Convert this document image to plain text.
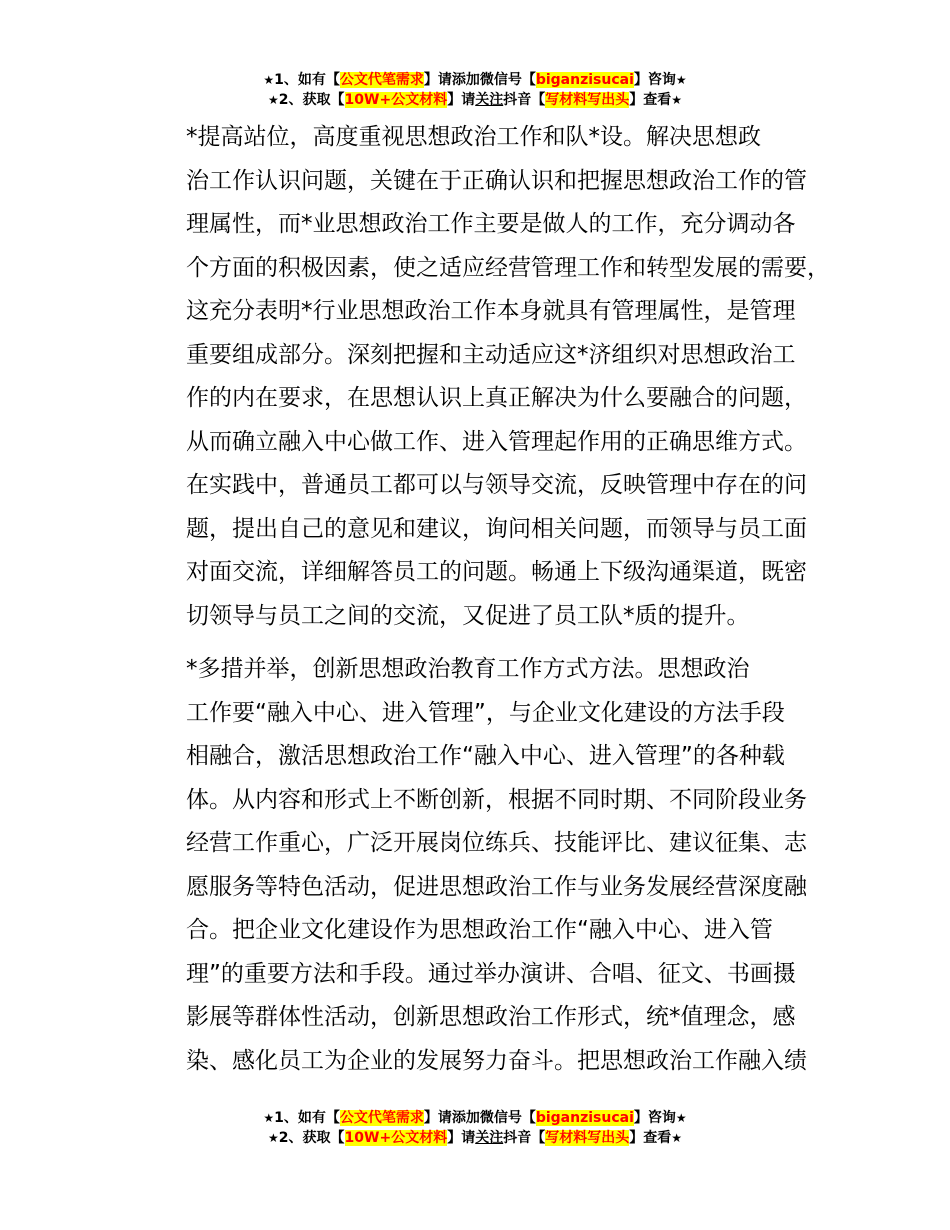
★1、如有【公文代笔需求】请添加微信号【biganzisucai】咨询★
★2、获取【10W+公文材料】请关注抖音【写材料写出头】查看★

*提高站位，高度重视思想政治工作和队*设。解决思想政
治工作认识问题，关键在于正确认识和把握思想政治工作的管
理属性，而*业思想政治工作主要是做人的工作，充分调动各
个方面的积极因素，使之适应经营管理工作和转型发展的需要，
这充分表明*行业思想政治工作本身就具有管理属性，是管理
重要组成部分。深刻把握和主动适应这*济组织对思想政治工
作的内在要求，在思想认识上真正解决为什么要融合的问题，
从而确立融入中心做工作、进入管理起作用的正确思维方式。
在实践中，普通员工都可以与领导交流，反映管理中存在的问
题，提出自己的意见和建议，询问相关问题，而领导与员工面
对面交流，详细解答员工的问题。畅通上下级沟通渠道，既密
切领导与员工之间的交流，又促进了员工队*质的提升。

*多措并举，创新思想政治教育工作方式方法。思想政治
工作要“融入中心、进入管理”，与企业文化建设的方法手段
相融合，激活思想政治工作“融入中心、进入管理”的各种载
体。从内容和形式上不断创新，根据不同时期、不同阶段业务
经营工作重心，广泛开展岗位练兵、技能评比、建议征集、志
愿服务等特色活动，促进思想政治工作与业务发展经营深度融
合。把企业文化建设作为思想政治工作“融入中心、进入管
理”的重要方法和手段。通过举办演讲、合唱、征文、书画摄
影展等群体性活动，创新思想政治工作形式，统*值理念，感
染、感化员工为企业的发展努力奋斗。把思想政治工作融入绩

★1、如有【公文代笔需求】请添加微信号【biganzisucai】咨询★
★2、获取【10W+公文材料】请关注抖音【写材料写出头】查看★
